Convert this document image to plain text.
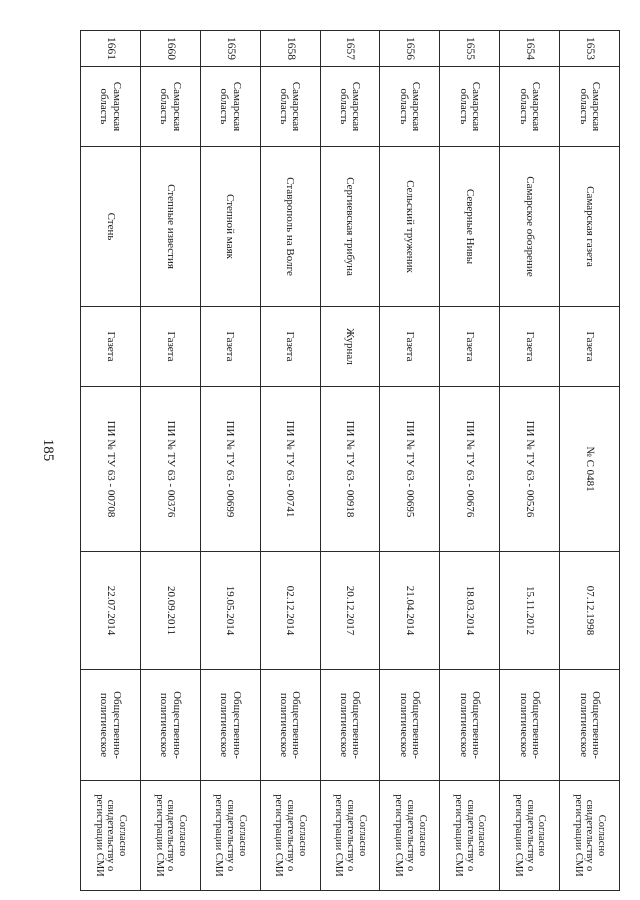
185
1653	Самарская область	Самарская газета	Газета	№ С 0481	07.12.1998	Общественно-политическое	Согласно свидетельству о регистрации СМИ
1654	Самарская область	Самарское обозрение	Газета	ПИ № ТУ 63 - 00526	15.11.2012	Общественно-политическое	Согласно свидетельству о регистрации СМИ
1655	Самарская область	Северные Нивы	Газета	ПИ № ТУ 63 - 00676	18.03.2014	Общественно-политическое	Согласно свидетельству о регистрации СМИ
1656	Самарская область	Сельский труженик	Газета	ПИ № ТУ 63 - 00695	21.04.2014	Общественно-политическое	Согласно свидетельству о регистрации СМИ
1657	Самарская область	Сергиевская трибуна	Журнал	ПИ № ТУ 63 - 00918	20.12.2017	Общественно-политическое	Согласно свидетельству о регистрации СМИ
1658	Самарская область	Ставрополь на Волге	Газета	ПИ № ТУ 63 - 00741	02.12.2014	Общественно-политическое	Согласно свидетельству о регистрации СМИ
1659	Самарская область	Степной маяк	Газета	ПИ № ТУ 63 - 00699	19.05.2014	Общественно-политическое	Согласно свидетельству о регистрации СМИ
1660	Самарская область	Степные известия	Газета	ПИ № ТУ 63 - 00376	20.09.2011	Общественно-политическое	Согласно свидетельству о регистрации СМИ
1661	Самарская область	Стень	Газета	ПИ № ТУ 63 - 00708	22.07.2014	Общественно-политическое	Согласно свидетельству о регистрации СМИ
